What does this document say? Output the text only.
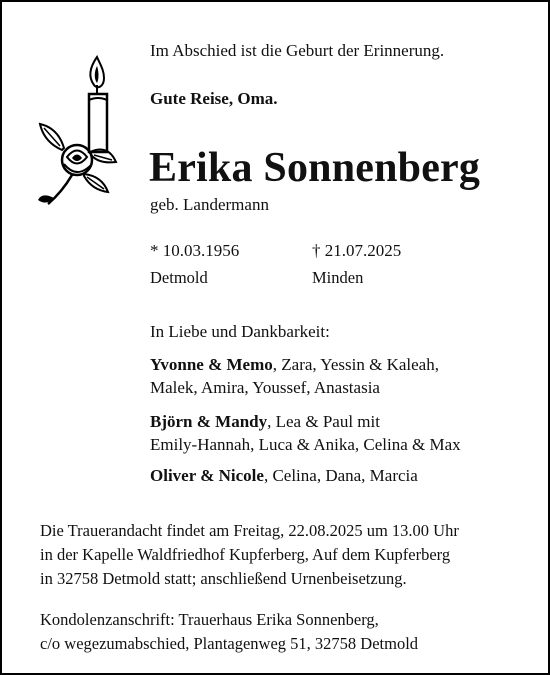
Im Abschied ist die Geburt der Erinnerung.
Gute Reise, Oma.
Erika Sonnenberg
geb. Landermann
* 10.03.1956
Detmold
† 21.07.2025
Minden
In Liebe und Dankbarkeit:
Yvonne & Memo, Zara, Yessin & Kaleah,
Malek, Amira, Youssef, Anastasia
Björn & Mandy, Lea & Paul mit
Emily-Hannah, Luca & Anika, Celina & Max
Oliver & Nicole, Celina, Dana, Marcia
Die Trauerandacht findet am Freitag, 22.08.2025 um 13.00 Uhr
in der Kapelle Waldfriedhof Kupferberg, Auf dem Kupferberg
in 32758 Detmold statt; anschließend Urnenbeisetzung.
Kondolenzanschrift: Trauerhaus Erika Sonnenberg,
c/o wegezumabschied, Plantagenweg 51, 32758 Detmold
